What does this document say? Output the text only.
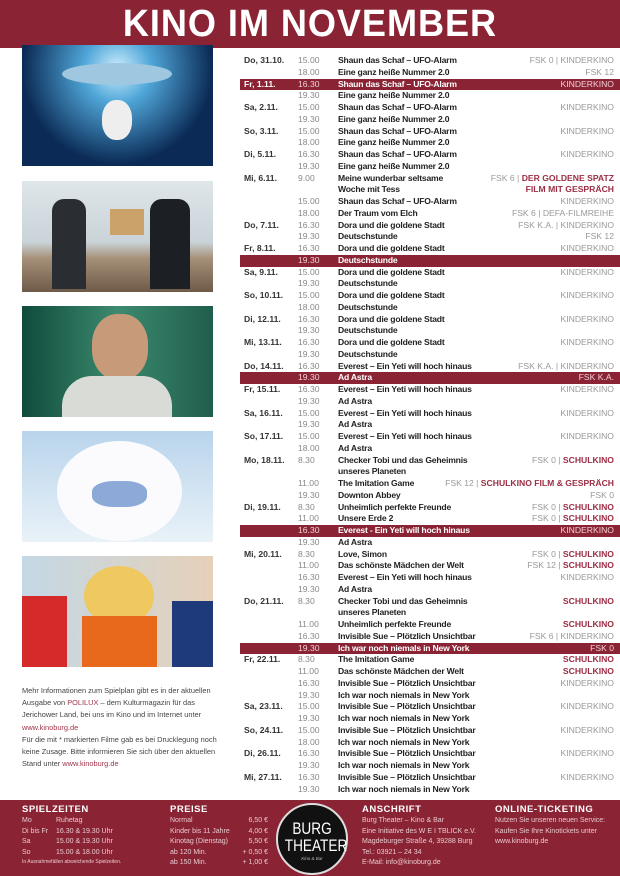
KINO IM NOVEMBER
Do, 31.10. 15.00 Shaun das Schaf – UFO-Alarm	FSK 0 | KINDERKINO
18.00 Eine ganz heiße Nummer 2.0	FSK 12
Fr, 1.11.	16.30 Shaun das Schaf – UFO-Alarm	KINDERKINO
19.30 Eine ganz heiße Nummer 2.0
Sa, 2.11. 15.00 Shaun das Schaf – UFO-Alarm	KINDERKINO
19.30 Eine ganz heiße Nummer 2.0
So, 3.11. 15.00 Shaun das Schaf – UFO-Alarm	KINDERKINO
18.00 Eine ganz heiße Nummer 2.0
Di, 5.11.	16.30 Shaun das Schaf – UFO-Alarm	KINDERKINO
19.30 Eine ganz heiße Nummer 2.0
Mi, 6.11. 9.00	Meine wunderbar seltsame	FSK 6 | DER GOLDENE SPATZ
Woche mit Tess	FILM MIT GESPRÄCH
15.00 Shaun das Schaf – UFO-Alarm	KINDERKINO
18.00 Der Traum vom Elch	FSK 6 | DEFA-FILMREIHE
Do, 7.11. 16.30 Dora und die goldene Stadt	FSK K.A. | KINDERKINO
19.30 Deutschstunde	FSK 12
Fr, 8.11.	16.30 Dora und die goldene Stadt	KINDERKINO
19.30 Deutschstunde
Sa, 9.11. 15.00 Dora und die goldene Stadt	KINDERKINO
19.30 Deutschstunde
So, 10.11. 15.00 Dora und die goldene Stadt	KINDERKINO
18.00 Deutschstunde
Di, 12.11. 16.30 Dora und die goldene Stadt	KINDERKINO
19.30 Deutschstunde
Mi, 13.11. 16.30 Dora und die goldene Stadt	KINDERKINO
19.30 Deutschstunde
Do, 14.11. 16.30 Everest – Ein Yeti will hoch hinaus	FSK K.A. | KINDERKINO
19.30 Ad Astra	FSK K.A.
Fr, 15.11. 16.30 Everest – Ein Yeti will hoch hinaus	KINDERKINO
19.30 Ad Astra
Sa, 16.11. 15.00 Everest – Ein Yeti will hoch hinaus	KINDERKINO
19.30 Ad Astra
So, 17.11. 15.00 Everest – Ein Yeti will hoch hinaus	KINDERKINO
18.00 Ad Astra
Mo, 18.11. 8.30	Checker Tobi und das Geheimnis	FSK 0 | SCHULKINO
unseres Planeten
11.00 The Imitation Game	FSK 12 | SCHULKINO FILM & GESPRÄCH
19.30 Downton Abbey	FSK 0
Di, 19.11. 8.30	Unheimlich perfekte Freunde	FSK 0 | SCHULKINO
11.00 Unsere Erde 2	FSK 0 | SCHULKINO
16.30 Everest - Ein Yeti will hoch hinaus	KINDERKINO
19.30 Ad Astra
Mi, 20.11. 8.30	Love, Simon	FSK 0 | SCHULKINO
11.00 Das schönste Mädchen der Welt	FSK 12 | SCHULKINO
16.30 Everest – Ein Yeti will hoch hinaus	KINDERKINO
19.30 Ad Astra
Do, 21.11. 8.30	Checker Tobi und das Geheimnis	SCHULKINO
unseres Planeten
11.00 Unheimlich perfekte Freunde	SCHULKINO
16.30 Invisible Sue – Plötzlich Unsichtbar	FSK 6 | KINDERKINO
19.30 Ich war noch niemals in New York	FSK 0
Fr, 22.11. 8.30	The Imitation Game	SCHULKINO
11.00 Das schönste Mädchen der Welt	SCHULKINO
16.30 Invisible Sue – Plötzlich Unsichtbar	KINDERKINO
19.30 Ich war noch niemals in New York
Sa, 23.11. 15.00 Invisible Sue – Plötzlich Unsichtbar	KINDERKINO
19.30 Ich war noch niemals in New York
So, 24.11. 15.00 Invisible Sue – Plötzlich Unsichtbar	KINDERKINO
18.00 Ich war noch niemals in New York
Di, 26.11. 16.30 Invisible Sue – Plötzlich Unsichtbar	KINDERKINO
19.30 Ich war noch niemals in New York
Mi, 27.11. 16.30 Invisible Sue – Plötzlich Unsichtbar	KINDERKINO
19.30 Ich war noch niemals in New York
Mehr Informationen zum Spielplan gibt es in der aktuellen Ausgabe von POLILUX – dem Kulturmagazin für das Jerichower Land, bei uns im Kino und im Internet unter www.kinoburg.de
Für die mit * markierten Filme gab es bei Drucklegung noch keine Zusage. Bitte informieren Sie sich über den aktuellen Stand unter www.kinoburg.de
SPIELZEITEN
Mo	Ruhetag
Di bis Fr	16.30 & 19.30 Uhr
Sa	15.00 & 19.30 Uhr
So	15.00 & 18.00 Uhr
In Ausnahmefällen abweichende Spielzeiten.
PREISE
Normal	6,50 €
Kinder bis 11 Jahre	4,00 €
Kinotag (Dienstag)	5,50 €
ab 120 Min.	+ 0,50 €
ab 150 Min.	+ 1,00 €
BURG
THEATER
Kino & Bar
ANSCHRIFT
Burg Theater – Kino & Bar
Eine Initiative des W E I TBLICK e.V.
Magdeburger Straße 4, 39288 Burg
Tel.: 03921 – 24 34
E-Mail: info@kinoburg.de
ONLINE-TICKETING
Nutzen Sie unseren neuen Service:
Kaufen Sie Ihre Kinotickets unter
www.kinoburg.de
